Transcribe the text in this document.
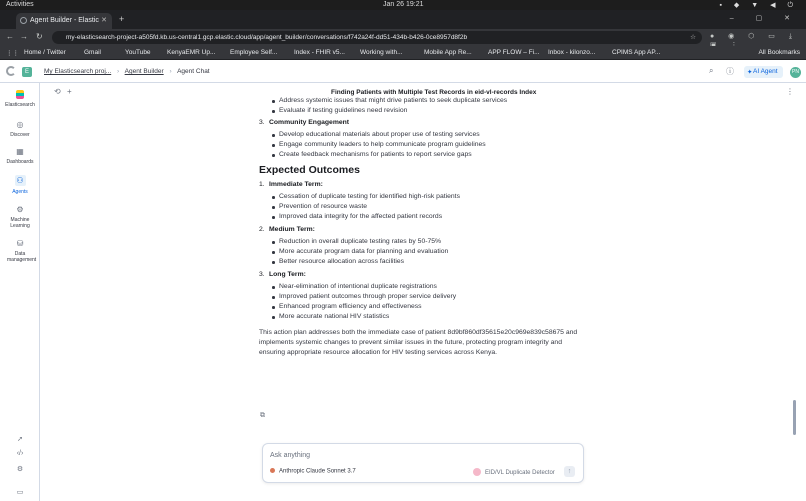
Activities	Jan 26 19:21	▪ ◆ ▼ ◀ ⏻
Agent Builder - Elastic ✕ +	– ▢ ✕
← → ↻	my-elasticsearch-project-a505fd.kb.us-central1.gcp.elastic.cloud/app/agent_builder/conversations/f742a24f-dd51-434b-b426-0ce8957d8f2b	☆ ● ◉ ⬡ ▭ ⤓
⋮⋮ Home / Twitter	Gmail	YouTube	KenyaEMR Up... Employee Self...	Index - FHIR v5... Working with...	Mobile App Re...	APP FLOW – Fi... Inbox - kilonzo...	CPIMS App AP...	All Bookmarks
E	My Elasticsearch proj... › Agent Builder › Agent Chat	⌕ ⓘ ✦ AI Agent	PN
Elasticsearch
◎
Discover
▦
Dashboards
⚇
Agents
⚙
Machine Learning
⛁
Data management
➚
‹/›
⚙
▭
⟲ +	Finding Patients with Multiple Test Records in eid-vl-records Index	⋮
Address systemic issues that might drive patients to seek duplicate services
Evaluate if testing guidelines need revision
3. Community Engagement
Develop educational materials about proper use of testing services
Engage community leaders to help communicate program guidelines
Create feedback mechanisms for patients to report service gaps
Expected Outcomes
1. Immediate Term:
Cessation of duplicate testing for identified high-risk patients
Prevention of resource waste
Improved data integrity for the affected patient records
2. Medium Term:
Reduction in overall duplicate testing rates by 50-75%
More accurate program data for planning and evaluation
Better resource allocation across facilities
3. Long Term:
Near-elimination of intentional duplicate registrations
Improved patient outcomes through proper service delivery
Enhanced program efficiency and effectiveness
More accurate national HIV statistics

This action plan addresses both the immediate case of patient 8d9bf860df35615e20c969e839c58675 and implements systemic changes to prevent similar issues in the future, protecting program integrity and ensuring appropriate resource allocation for HIV testing services across Kenya.

⧉
Ask anything
Anthropic Claude Sonnet 3.7	EID/VL Duplicate Detector	↑
